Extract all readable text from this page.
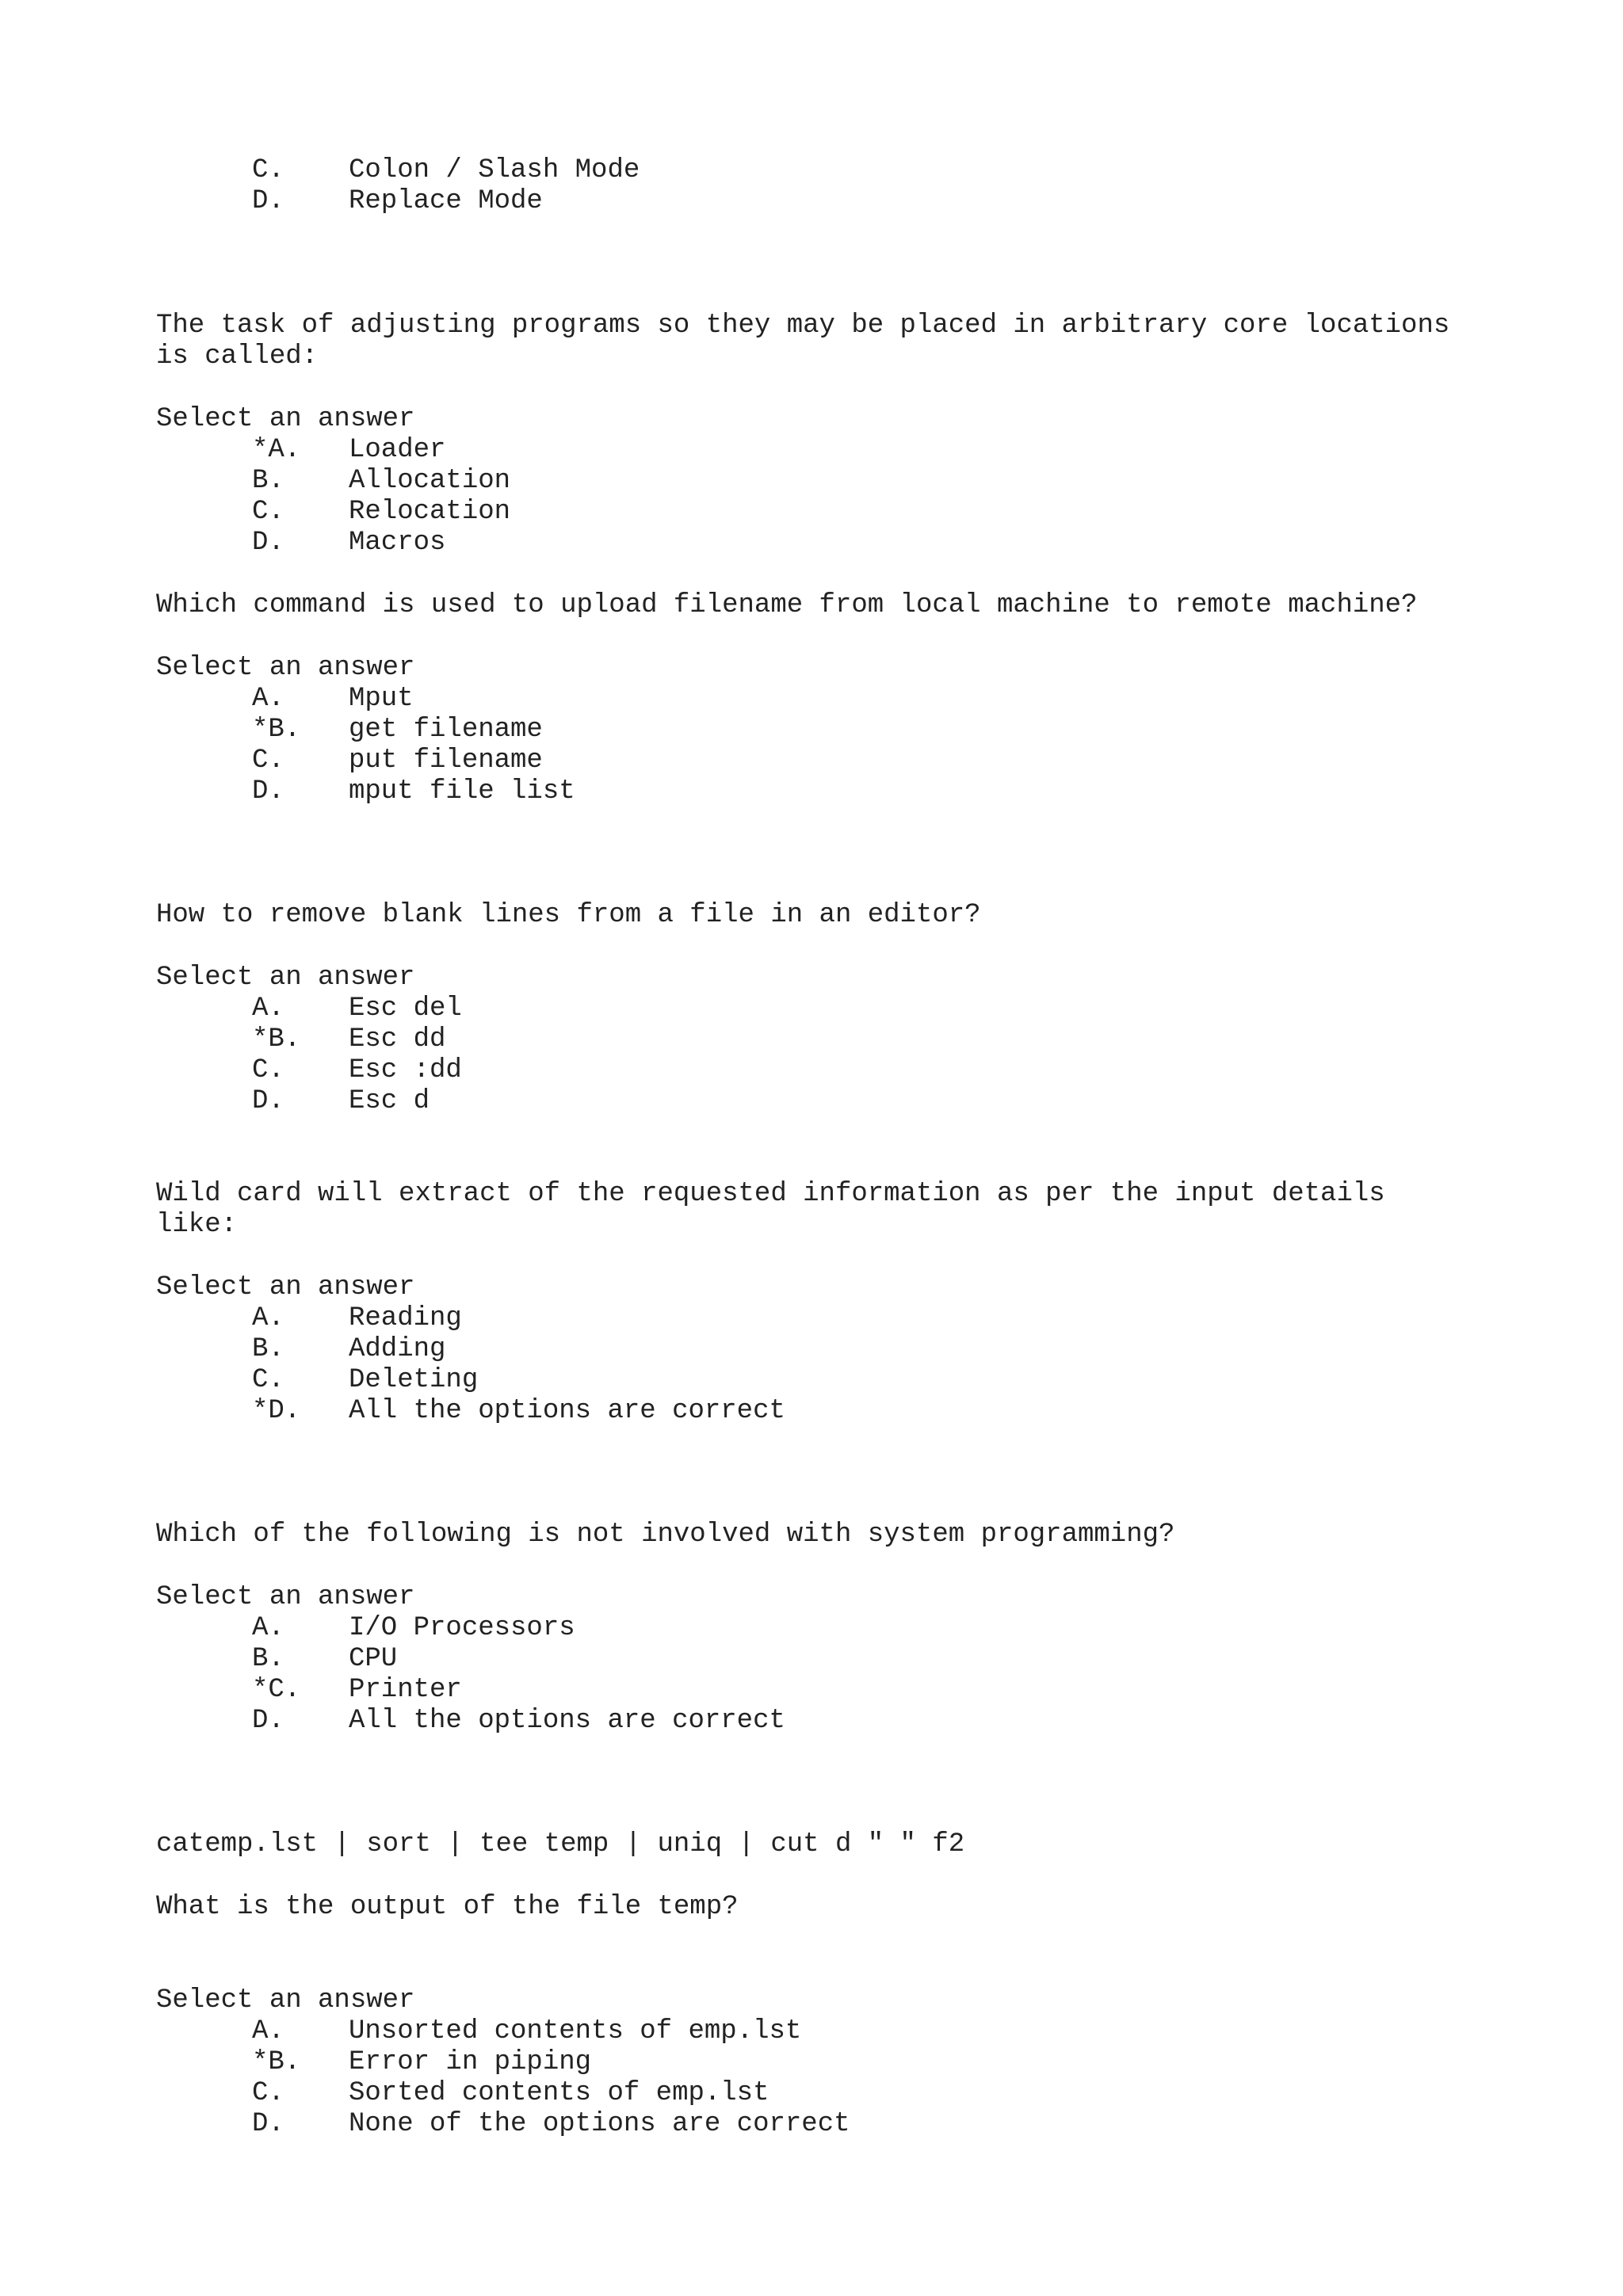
C. Colon / Slash Mode
D. Replace Mode
The task of adjusting programs so they may be placed in arbitrary core locations
is called:
Select an answer
*A. Loader
B. Allocation
C. Relocation
D. Macros
Which command is used to upload filename from local machine to remote machine?
Select an answer
A. Mput
*B. get filename
C. put filename
D. mput file list
How to remove blank lines from a file in an editor?
Select an answer
A. Esc del
*B. Esc dd
C. Esc :dd
D. Esc d
Wild card will extract of the requested information as per the input details
like:
Select an answer
A. Reading
B. Adding
C. Deleting
*D. All the options are correct
Which of the following is not involved with system programming?
Select an answer
A. I/O Processors
B. CPU
*C. Printer
D. All the options are correct
catemp.lst | sort | tee temp | uniq | cut d " " f2
What is the output of the file temp?
Select an answer
A. Unsorted contents of emp.lst
*B. Error in piping
C. Sorted contents of emp.lst
D. None of the options are correct
